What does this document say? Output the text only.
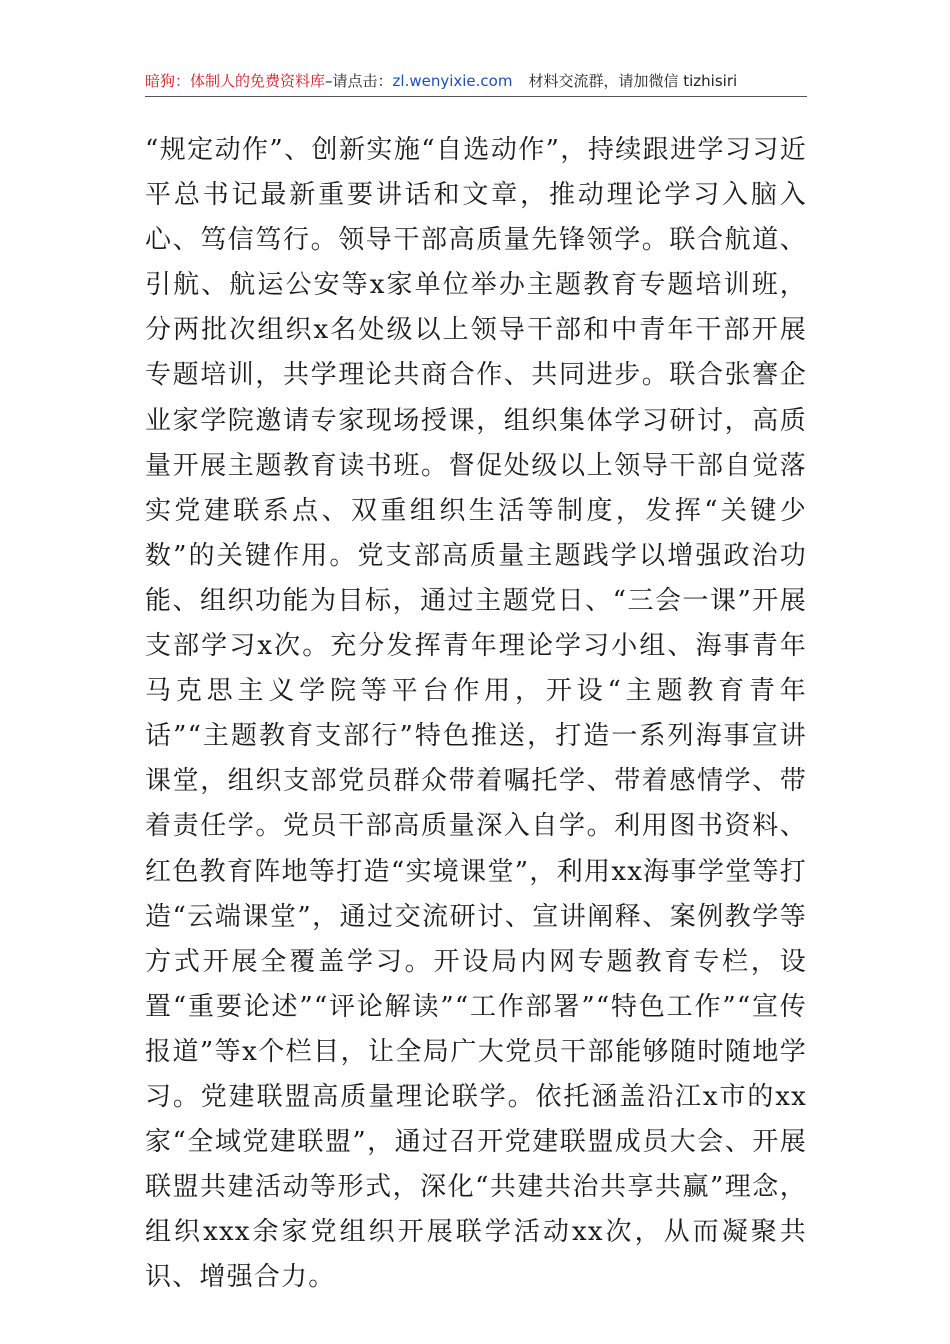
暗狗：体制人的免费资料库–请点击：zl.wenyixie.com 材料交流群，请加微信 tizhisiri

“规定动作”、创新实施“自选动作”，持续跟进学习习近平总书记最新重要讲话和文章，推动理论学习入脑入心、笃信笃行。领导干部高质量先锋领学。联合航道、引航、航运公安等x家单位举办主题教育专题培训班，分两批次组织x名处级以上领导干部和中青年干部开展专题培训，共学理论共商合作、共同进步。联合张謇企业家学院邀请专家现场授课，组织集体学习研讨，高质量开展主题教育读书班。督促处级以上领导干部自觉落实党建联系点、双重组织生活等制度，发挥“关键少数”的关键作用。党支部高质量主题践学以增强政治功能、组织功能为目标，通过主题党日、“三会一课”开展支部学习x次。充分发挥青年理论学习小组、海事青年马克思主义学院等平台作用，开设“主题教育青年话”“主题教育支部行”特色推送，打造一系列海事宣讲课堂，组织支部党员群众带着嘱托学、带着感情学、带着责任学。党员干部高质量深入自学。利用图书资料、红色教育阵地等打造“实境课堂”，利用xx海事学堂等打造“云端课堂”，通过交流研讨、宣讲阐释、案例教学等方式开展全覆盖学习。开设局内网专题教育专栏，设置“重要论述”“评论解读”“工作部署”“特色工作”“宣传报道”等x个栏目，让全局广大党员干部能够随时随地学习。党建联盟高质量理论联学。依托涵盖沿江x市的xx家“全域党建联盟”，通过召开党建联盟成员大会、开展联盟共建活动等形式，深化“共建共治共享共赢”理念，组织xxx余家党组织开展联学活动xx次，从而凝聚共识、增强合力。
